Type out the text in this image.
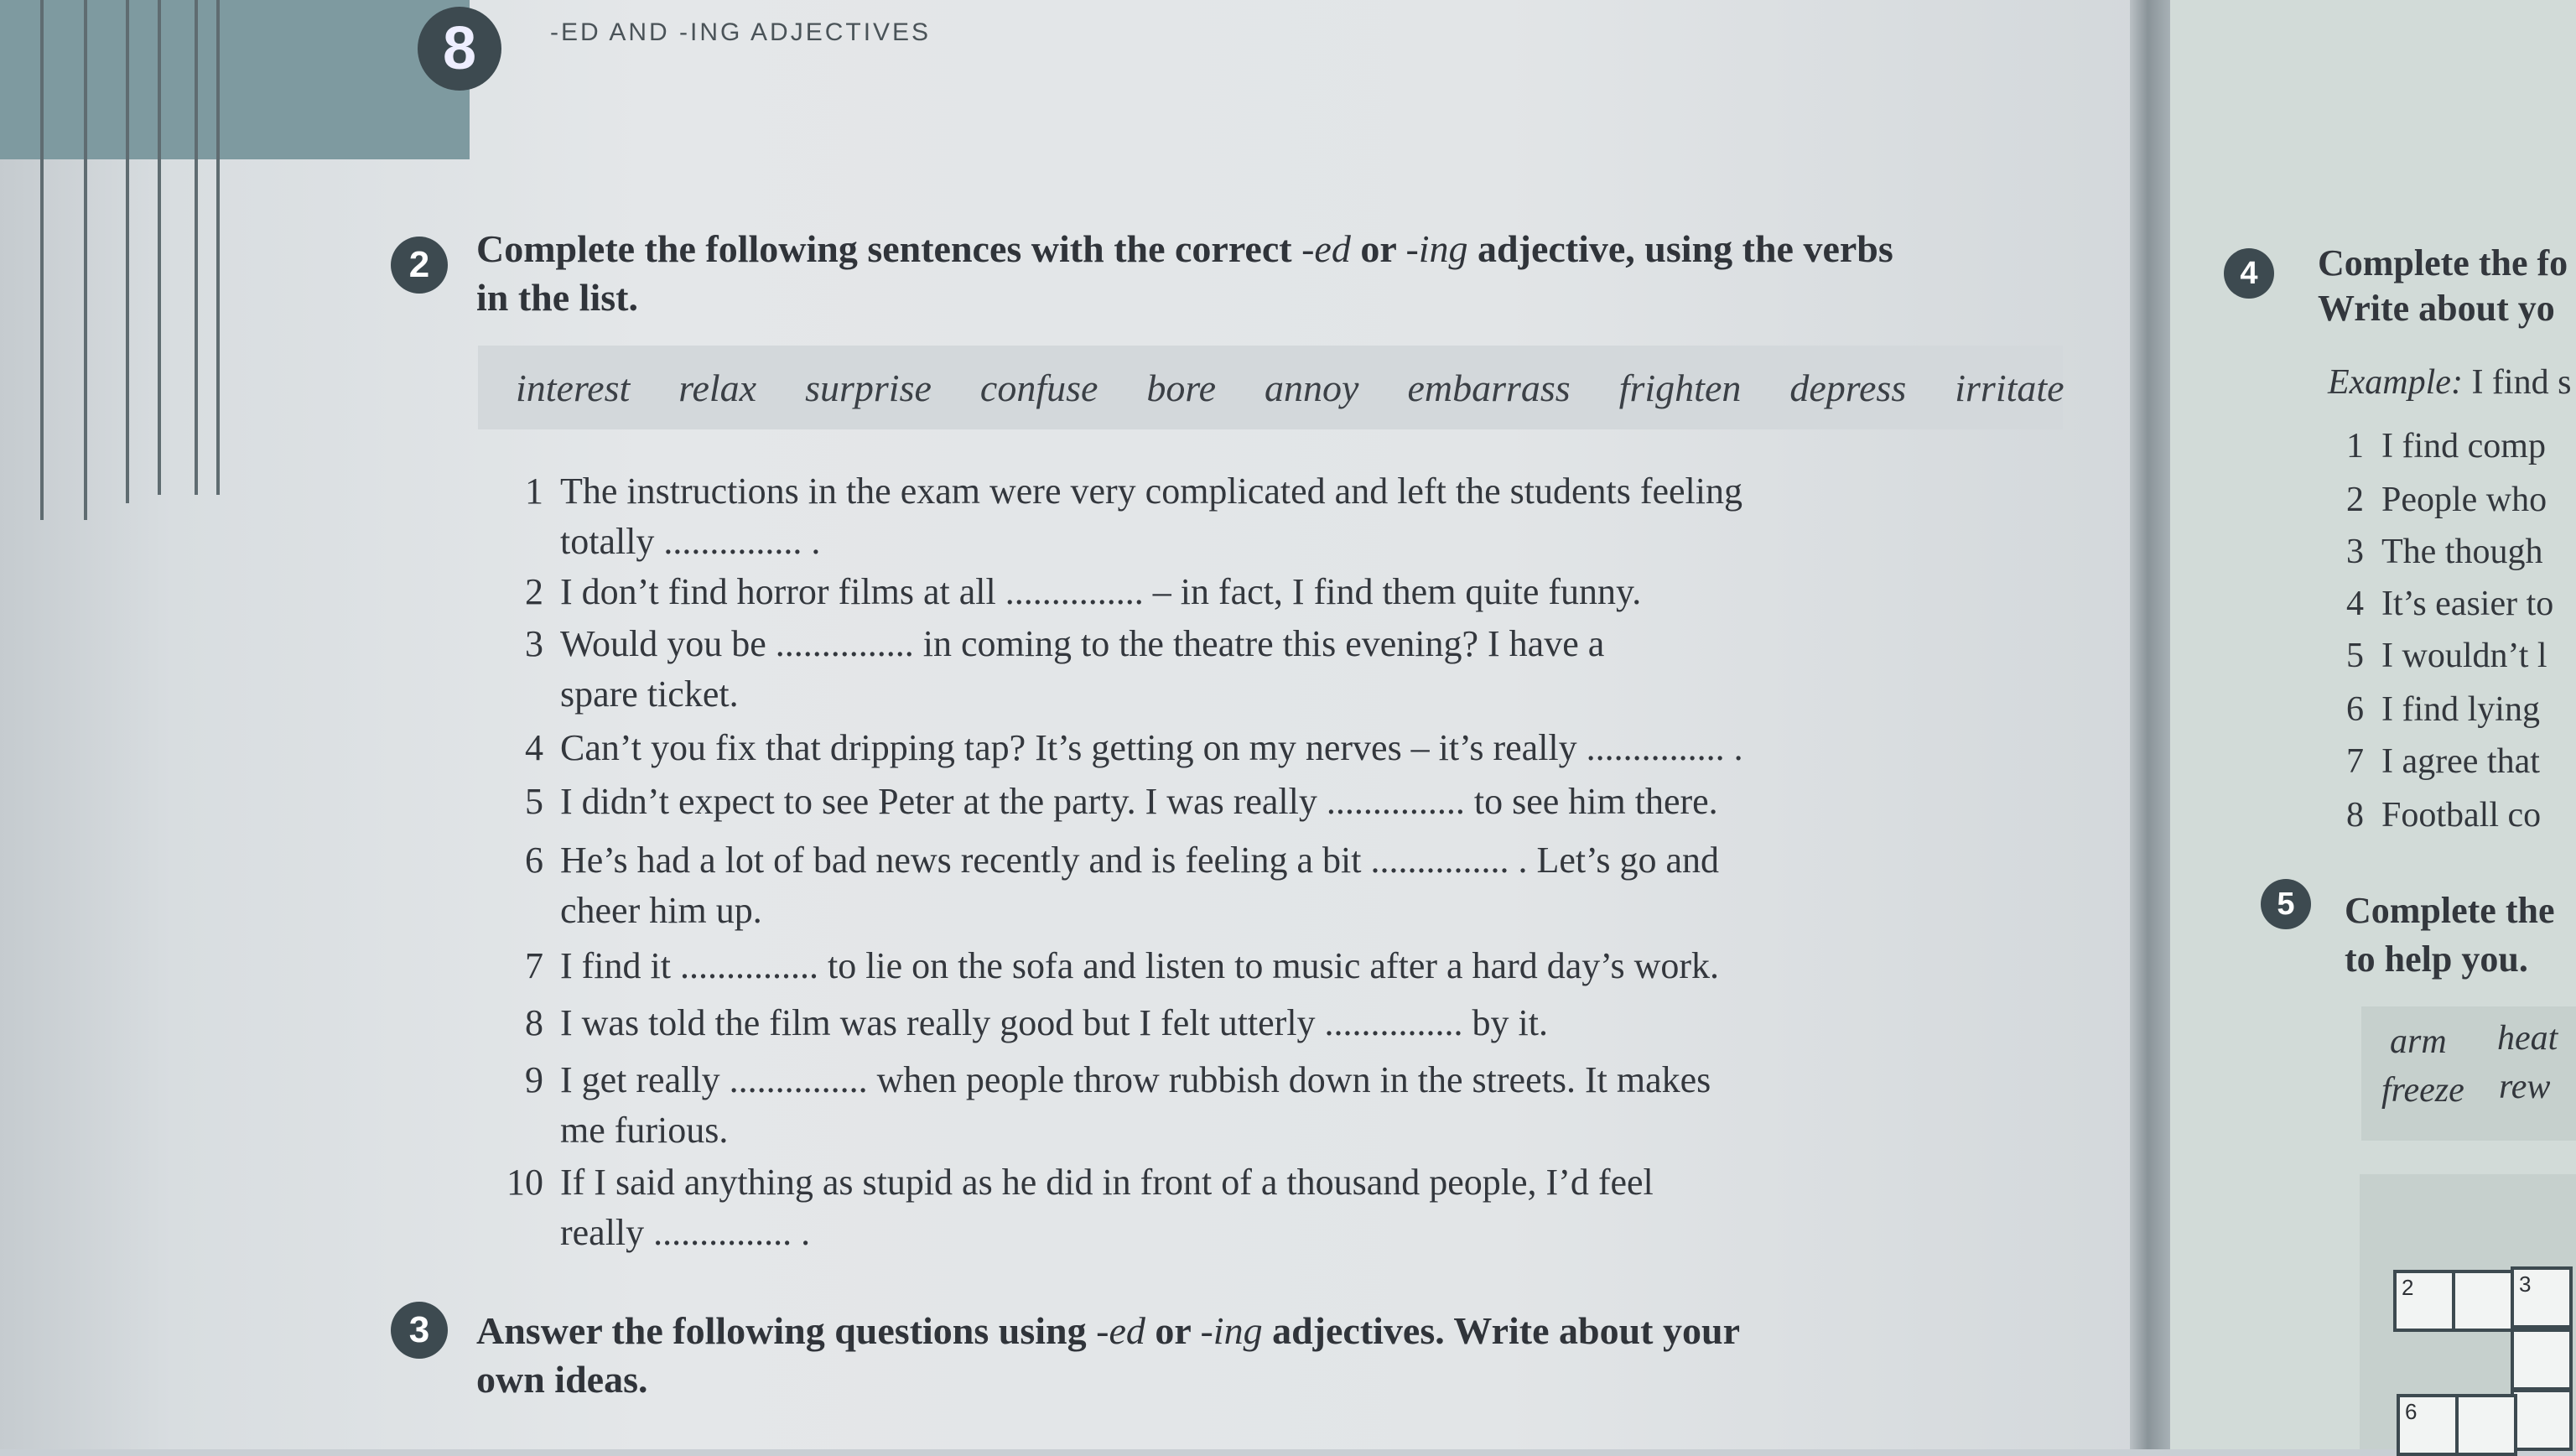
8	-ED AND -ING ADJECTIVES
2	Complete the following sentences with the correct -ed or -ing adjective, using the verbs
in the list.
interest relax surprise confuse bore annoy embarrass frighten depress irritate
1 The instructions in the exam were very complicated and left the students feeling
totally ............... .
2 I don’t find horror films at all ............... – in fact, I find them quite funny.
3 Would you be ............... in coming to the theatre this evening? I have a
spare ticket.
4 Can’t you fix that dripping tap? It’s getting on my nerves – it’s really ............... .
5 I didn’t expect to see Peter at the party. I was really ............... to see him there.
6 He’s had a lot of bad news recently and is feeling a bit ............... . Let’s go and
cheer him up.
7 I find it ............... to lie on the sofa and listen to music after a hard day’s work.
8 I was told the film was really good but I felt utterly ............... by it.
9 I get really ............... when people throw rubbish down in the streets. It makes
me furious.
10 If I said anything as stupid as he did in front of a thousand people, I’d feel
really ............... .
3	Answer the following questions using -ed or -ing adjectives. Write about your
own ideas.
4	Complete the fo
Write about yo
Example: I find s
1 I find comp
2 People who
3 The though
4 It’s easier to
5 I wouldn’t l
6 I find lying
7 I agree that
8 Football co
5	Complete the
to help you.
arm heat
freeze rew
2	3
6
